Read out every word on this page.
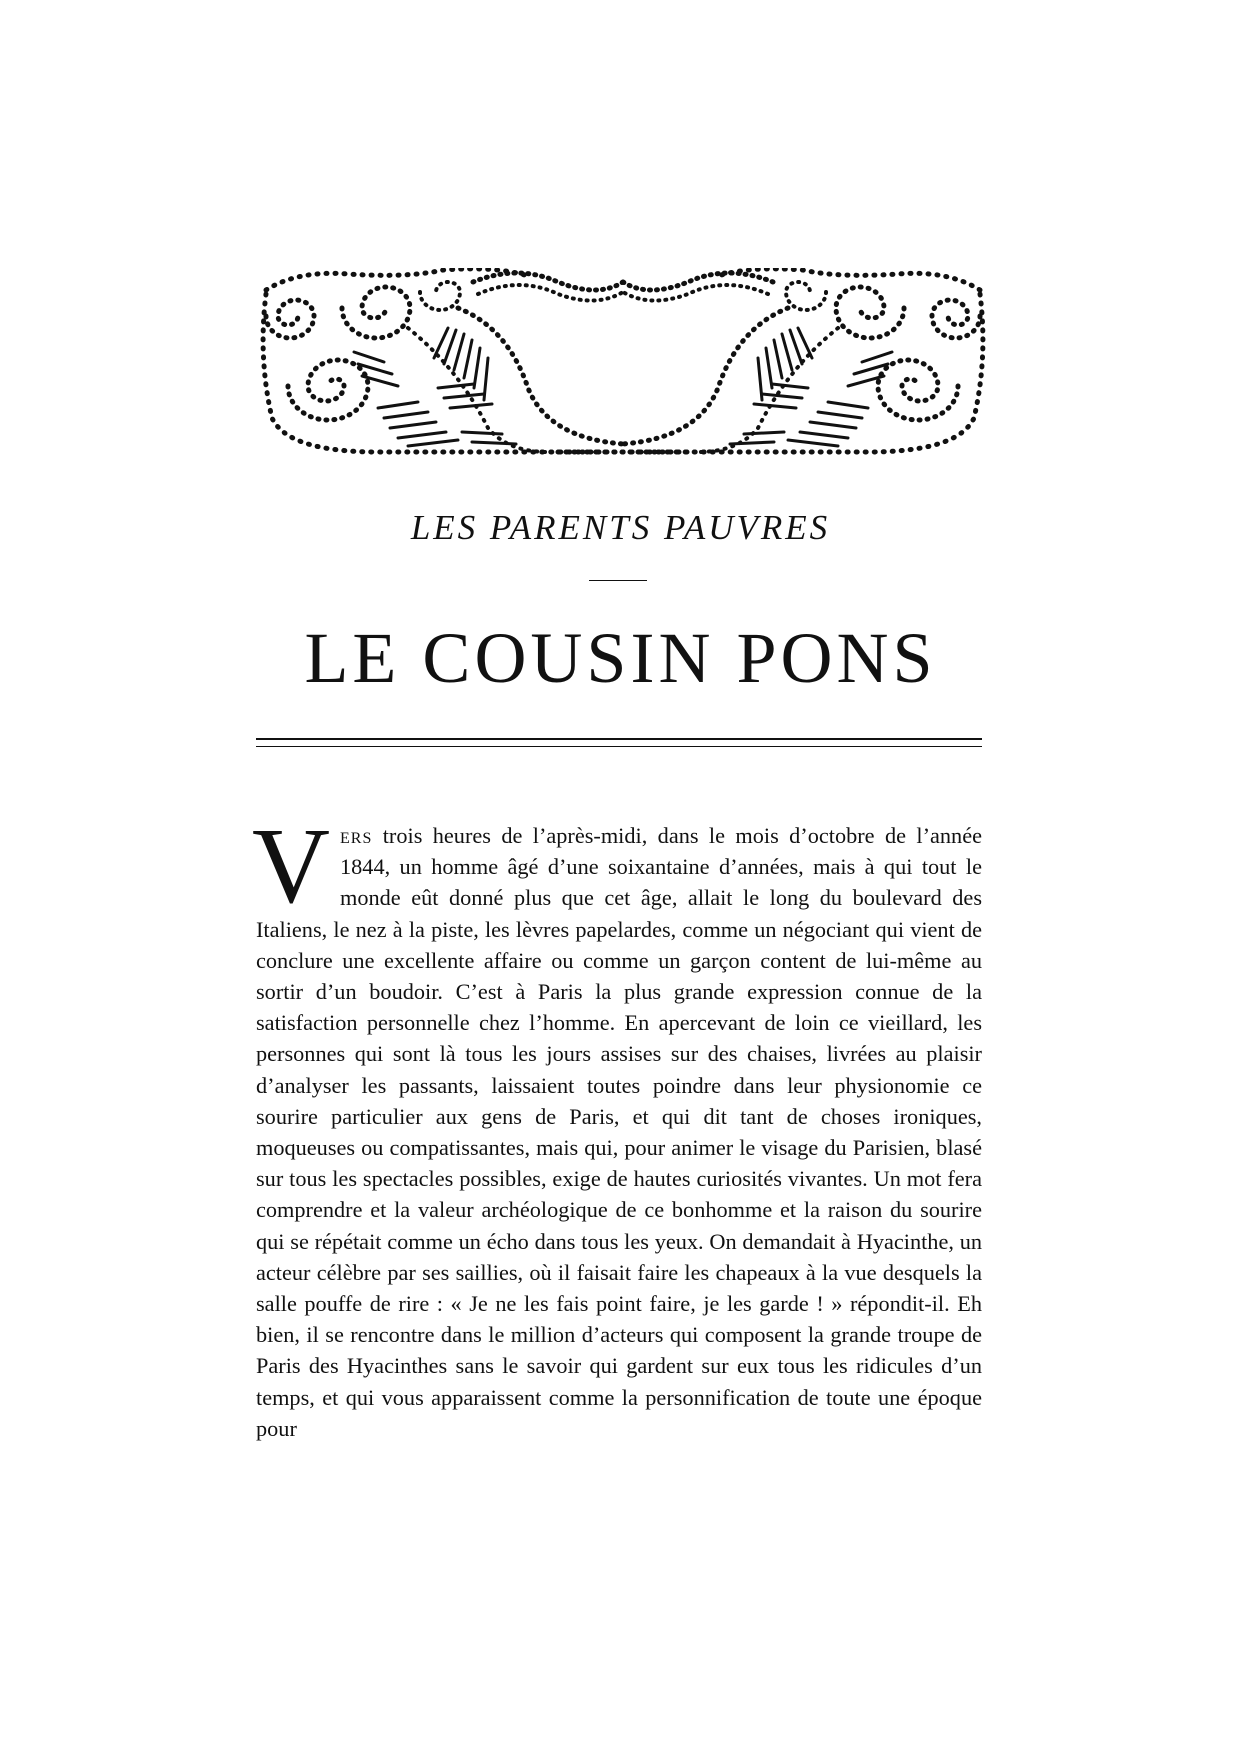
LES PARENTS PAUVRES
LE COUSIN PONS

Vers trois heures de l’après-midi, dans le mois d’octobre de l’année 1844, un homme âgé d’une soixantaine d’années, mais à qui tout le monde eût donné plus que cet âge, allait le long du boulevard des Italiens, le nez à la piste, les lèvres papelardes, comme un négociant qui vient de conclure une excellente affaire ou comme un garçon content de lui-même au sortir d’un boudoir. C’est à Paris la plus grande expression connue de la satisfaction personnelle chez l’homme. En apercevant de loin ce vieillard, les personnes qui sont là tous les jours assises sur des chaises, livrées au plaisir d’analyser les passants, laissaient toutes poindre dans leur physionomie ce sourire particulier aux gens de Paris, et qui dit tant de choses ironiques, moqueuses ou compatissantes, mais qui, pour animer le visage du Parisien, blasé sur tous les spectacles possibles, exige de hautes curiosités vivantes. Un mot fera comprendre et la valeur archéologique de ce bonhomme et la raison du sourire qui se répétait comme un écho dans tous les yeux. On demandait à Hyacinthe, un acteur célèbre par ses saillies, où il faisait faire les chapeaux à la vue desquels la salle pouffe de rire : « Je ne les fais point faire, je les garde ! » répondit-il. Eh bien, il se rencontre dans le million d’acteurs qui composent la grande troupe de Paris des Hyacinthes sans le savoir qui gardent sur eux tous les ridicules d’un temps, et qui vous apparaissent comme la personnification de toute une époque pour
